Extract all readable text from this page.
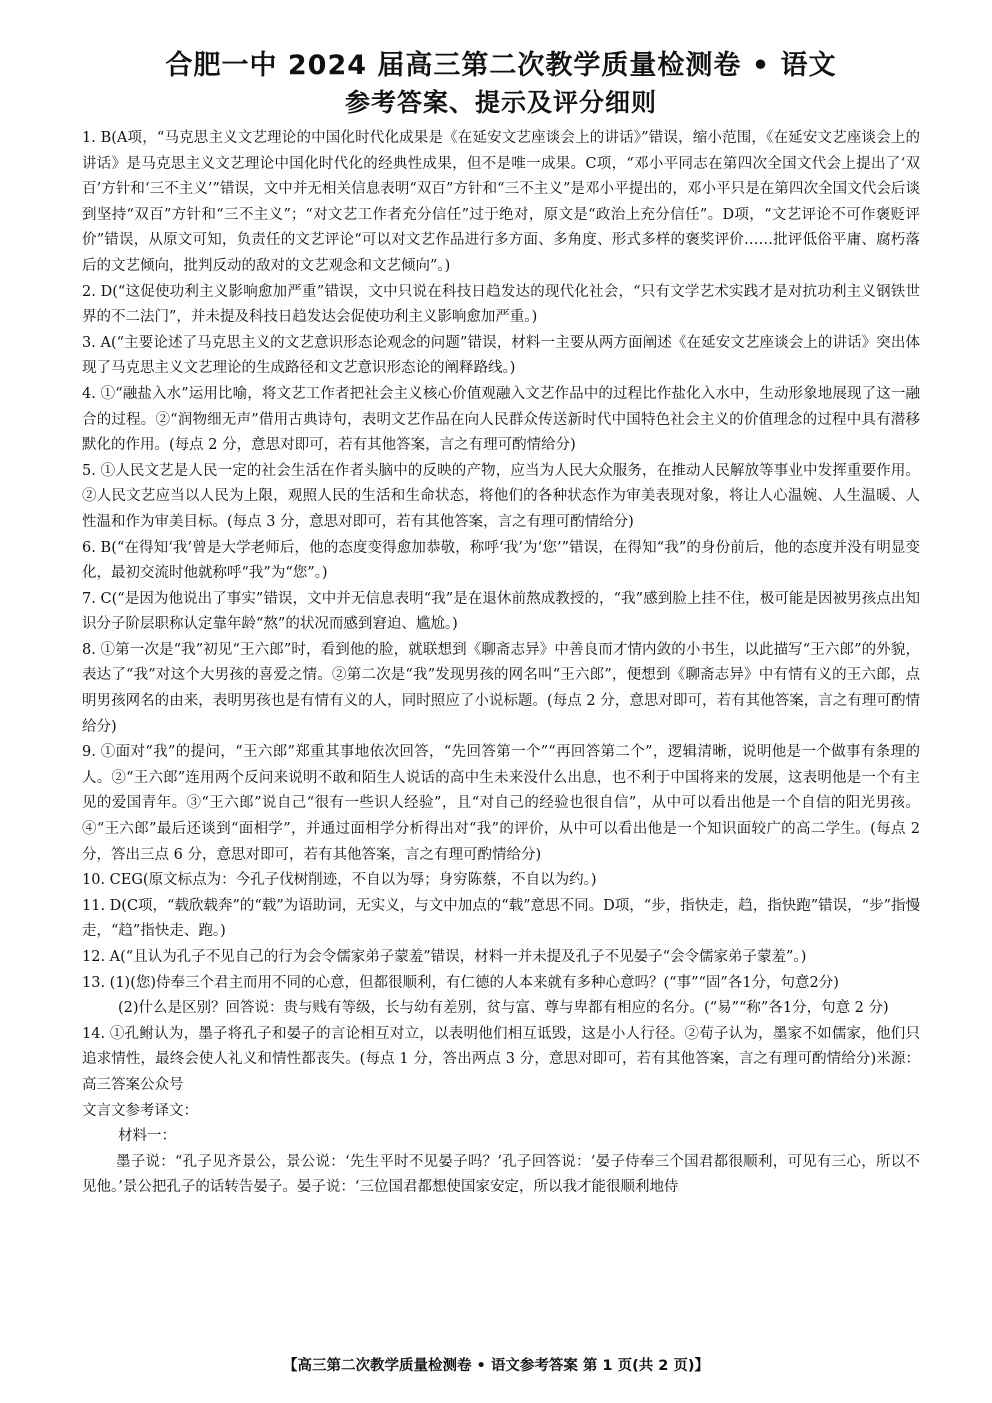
合肥一中 2024 届高三第二次教学质量检测卷 • 语文
参考答案、提示及评分细则

1. B(A项，“马克思主义文艺理论的中国化时代化成果是《在延安文艺座谈会上的讲话》”错误，缩小范围，《在延安文艺座谈会上的讲话》是马克思主义文艺理论中国化时代化的经典性成果，但不是唯一成果。C项，“邓小平同志在第四次全国文代会上提出了‘双百’方针和‘三不主义’”错误，文中并无相关信息表明“双百”方针和“三不主义”是邓小平提出的，邓小平只是在第四次全国文代会后谈到坚持“双百”方针和“三不主义”；“对文艺工作者充分信任”过于绝对，原文是“政治上充分信任”。D项，“文艺评论不可作褒贬评价”错误，从原文可知，负责任的文艺评论“可以对文艺作品进行多方面、多角度、形式多样的褒奖评价……批评低俗平庸、腐朽落后的文艺倾向，批判反动的敌对的文艺观念和文艺倾向”。)

2. D(“这促使功利主义影响愈加严重”错误，文中只说在科技日趋发达的现代化社会，“只有文学艺术实践才是对抗功利主义钢铁世界的不二法门”，并未提及科技日趋发达会促使功利主义影响愈加严重。)

3. A(“主要论述了马克思主义的文艺意识形态论观念的问题”错误，材料一主要从两方面阐述《在延安文艺座谈会上的讲话》突出体现了马克思主义文艺理论的生成路径和文艺意识形态论的阐释路线。)

4. ①“融盐入水”运用比喻，将文艺工作者把社会主义核心价值观融入文艺作品中的过程比作盐化入水中，生动形象地展现了这一融合的过程。②“润物细无声”借用古典诗句，表明文艺作品在向人民群众传送新时代中国特色社会主义的价值理念的过程中具有潜移默化的作用。(每点 2 分，意思对即可，若有其他答案，言之有理可酌情给分)

5. ①人民文艺是人民一定的社会生活在作者头脑中的反映的产物，应当为人民大众服务，在推动人民解放等事业中发挥重要作用。②人民文艺应当以人民为上限，观照人民的生活和生命状态，将他们的各种状态作为审美表现对象，将让人心温婉、人生温暖、人性温和作为审美目标。(每点 3 分，意思对即可，若有其他答案，言之有理可酌情给分)

6. B(“在得知‘我’曾是大学老师后，他的态度变得愈加恭敬，称呼‘我’为‘您’”错误，在得知“我”的身份前后，他的态度并没有明显变化，最初交流时他就称呼“我”为“您”。)

7. C(“是因为他说出了事实”错误，文中并无信息表明“我”是在退休前熬成教授的，“我”感到脸上挂不住，极可能是因被男孩点出知识分子阶层职称认定靠年龄“熬”的状况而感到窘迫、尴尬。)

8. ①第一次是“我”初见“王六郎”时，看到他的脸，就联想到《聊斋志异》中善良而才情内敛的小书生，以此描写“王六郎”的外貌，表达了“我”对这个大男孩的喜爱之情。②第二次是“我”发现男孩的网名叫“王六郎”，便想到《聊斋志异》中有情有义的王六郎，点明男孩网名的由来，表明男孩也是有情有义的人，同时照应了小说标题。(每点 2 分，意思对即可，若有其他答案，言之有理可酌情给分)

9. ①面对“我”的提问，“王六郎”郑重其事地依次回答，“先回答第一个”“再回答第二个”，逻辑清晰，说明他是一个做事有条理的人。②“王六郎”连用两个反问来说明不敢和陌生人说话的高中生未来没什么出息，也不利于中国将来的发展，这表明他是一个有主见的爱国青年。③“王六郎”说自己“很有一些识人经验”，且“对自己的经验也很自信”，从中可以看出他是一个自信的阳光男孩。④“王六郎”最后还谈到“面相学”，并通过面相学分析得出对“我”的评价，从中可以看出他是一个知识面较广的高二学生。(每点 2 分，答出三点 6 分，意思对即可，若有其他答案，言之有理可酌情给分)

10. CEG(原文标点为：今孔子伐树削迹，不自以为辱；身穷陈蔡，不自以为约。)

11. D(C项，“载欣载奔”的“载”为语助词，无实义，与文中加点的“载”意思不同。D项，“步，指快走，趋，指快跑”错误，“步”指慢走，“趋”指快走、跑。)

12. A(“且认为孔子不见自己的行为会令儒家弟子蒙羞”错误，材料一并未提及孔子不见晏子“会令儒家弟子蒙羞”。)

13. (1)(您)侍奉三个君主而用不同的心意，但都很顺利，有仁德的人本来就有多种心意吗？(“事”“固”各1分，句意2分)

(2)什么是区别？回答说：贵与贱有等级，长与幼有差别，贫与富、尊与卑都有相应的名分。(“易”“称”各1分，句意 2 分)

14. ①孔鲋认为，墨子将孔子和晏子的言论相互对立，以表明他们相互诋毁，这是小人行径。②荀子认为，墨家不如儒家，他们只追求情性，最终会使人礼义和情性都丧失。(每点 1 分，答出两点 3 分，意思对即可，若有其他答案，言之有理可酌情给分)米源：高三答案公众号

文言文参考译文：

材料一：

墨子说：“孔子见齐景公，景公说：‘先生平时不见晏子吗？’孔子回答说：‘晏子侍奉三个国君都很顺利，可见有三心，所以不见他。’景公把孔子的话转告晏子。晏子说：‘三位国君都想使国家安定，所以我才能很顺利地侍

【高三第二次教学质量检测卷 • 语文参考答案 第 1 页(共 2 页)】
